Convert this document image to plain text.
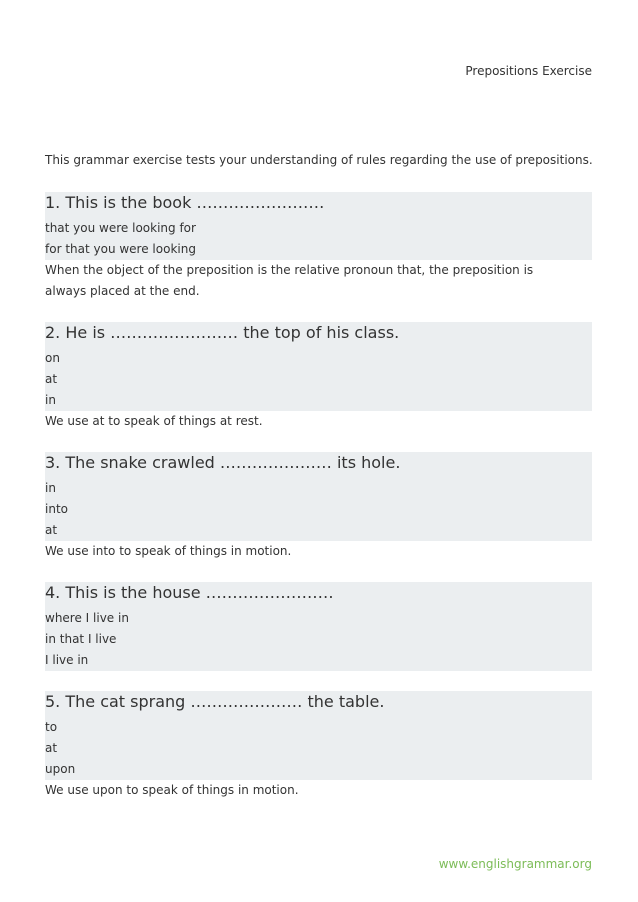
Prepositions Exercise
This grammar exercise tests your understanding of rules regarding the use of prepositions.
1. This is the book ……………………
that you were looking for
for that you were looking
When the object of the preposition is the relative pronoun that, the preposition is always placed at the end.
2. He is …………………… the top of his class.
on
at
in
We use at to speak of things at rest.
3. The snake crawled ………………… its hole.
in
into
at
We use into to speak of things in motion.
4. This is the house ……………………
where I live in
in that I live
I live in
5. The cat sprang ………………… the table.
to
at
upon
We use upon to speak of things in motion.
www.englishgrammar.org
